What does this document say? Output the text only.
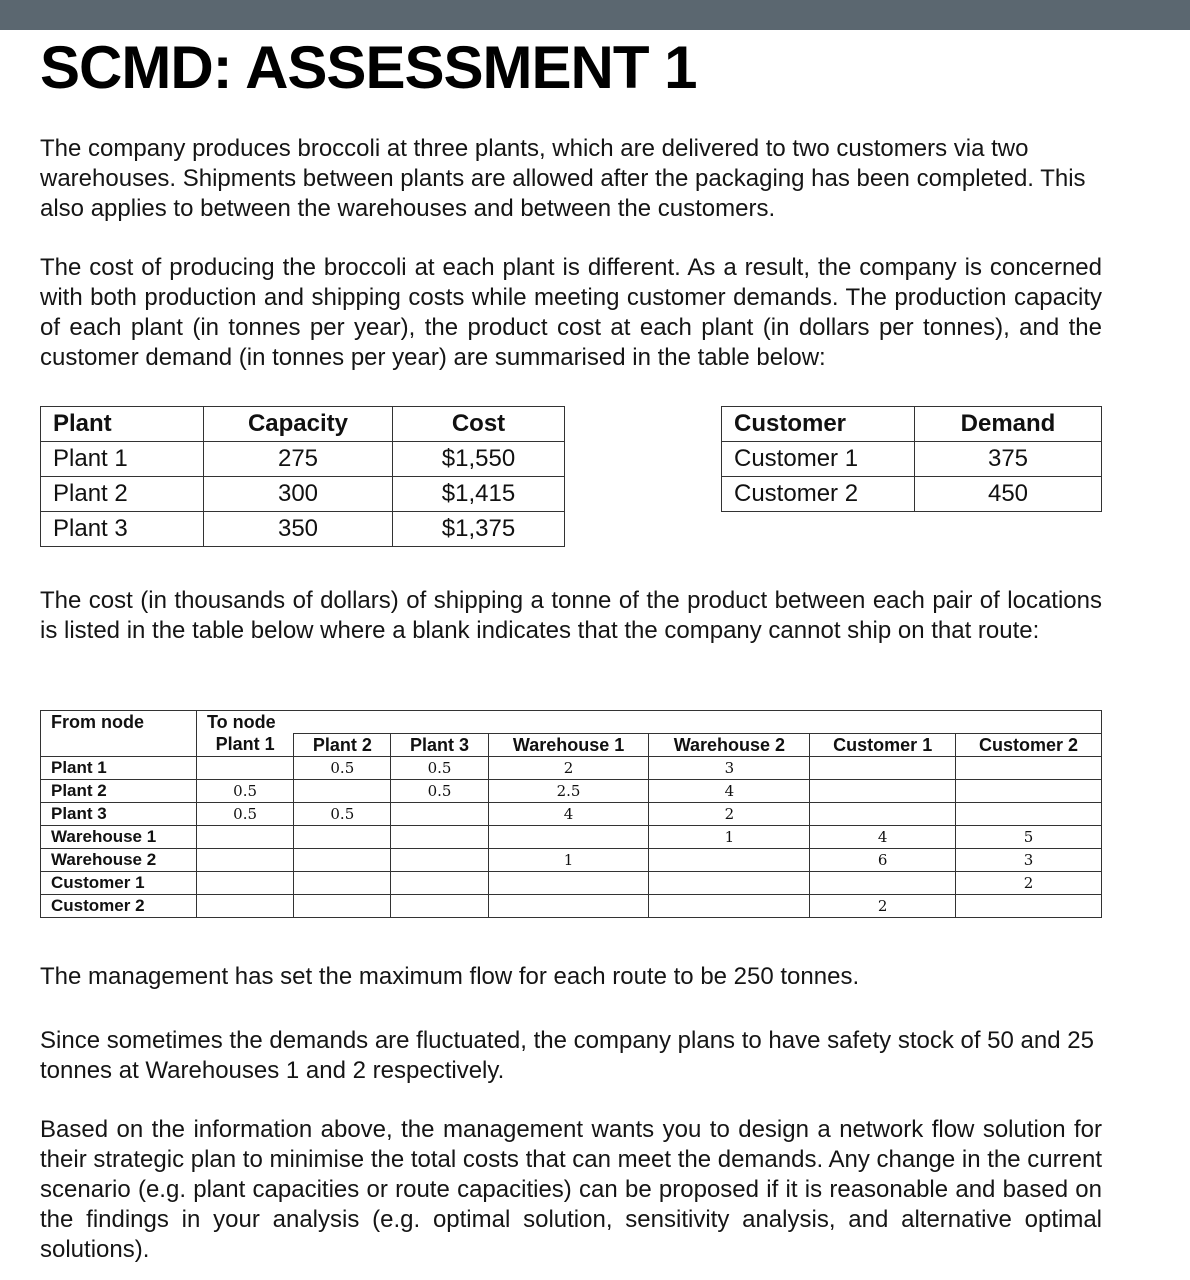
SCMD: ASSESSMENT 1

The company produces broccoli at three plants, which are delivered to two customers via two warehouses. Shipments between plants are allowed after the packaging has been completed. This also applies to between the warehouses and between the customers.

The cost of producing the broccoli at each plant is different. As a result, the company is concerned with both production and shipping costs while meeting customer demands. The production capacity of each plant (in tonnes per year), the product cost at each plant (in dollars per tonnes), and the customer demand (in tonnes per year) are summarised in the table below:

Plant	Capacity	Cost
Plant 1	275	$1,550
Plant 2	300	$1,415
Plant 3	350	$1,375
Customer	Demand
Customer 1	375
Customer 2	450

The cost (in thousands of dollars) of shipping a tonne of the product between each pair of locations is listed in the table below where a blank indicates that the company cannot ship on that route:

From node	To node						
	Plant 1	Plant 2	Plant 3	Warehouse 1	Warehouse 2	Customer 1	Customer 2
Plant 1		0.5	0.5	2	3		
Plant 2	0.5		0.5	2.5	4		
Plant 3	0.5	0.5		4	2		
Warehouse 1					1	4	5
Warehouse 2				1		6	3
Customer 1							2
Customer 2						2	

The management has set the maximum flow for each route to be 250 tonnes.

Since sometimes the demands are fluctuated, the company plans to have safety stock of 50 and 25 tonnes at Warehouses 1 and 2 respectively.

Based on the information above, the management wants you to design a network flow solution for their strategic plan to minimise the total costs that can meet the demands. Any change in the current scenario (e.g. plant capacities or route capacities) can be proposed if it is reasonable and based on the findings in your analysis (e.g. optimal solution, sensitivity analysis, and alternative optimal solutions).
